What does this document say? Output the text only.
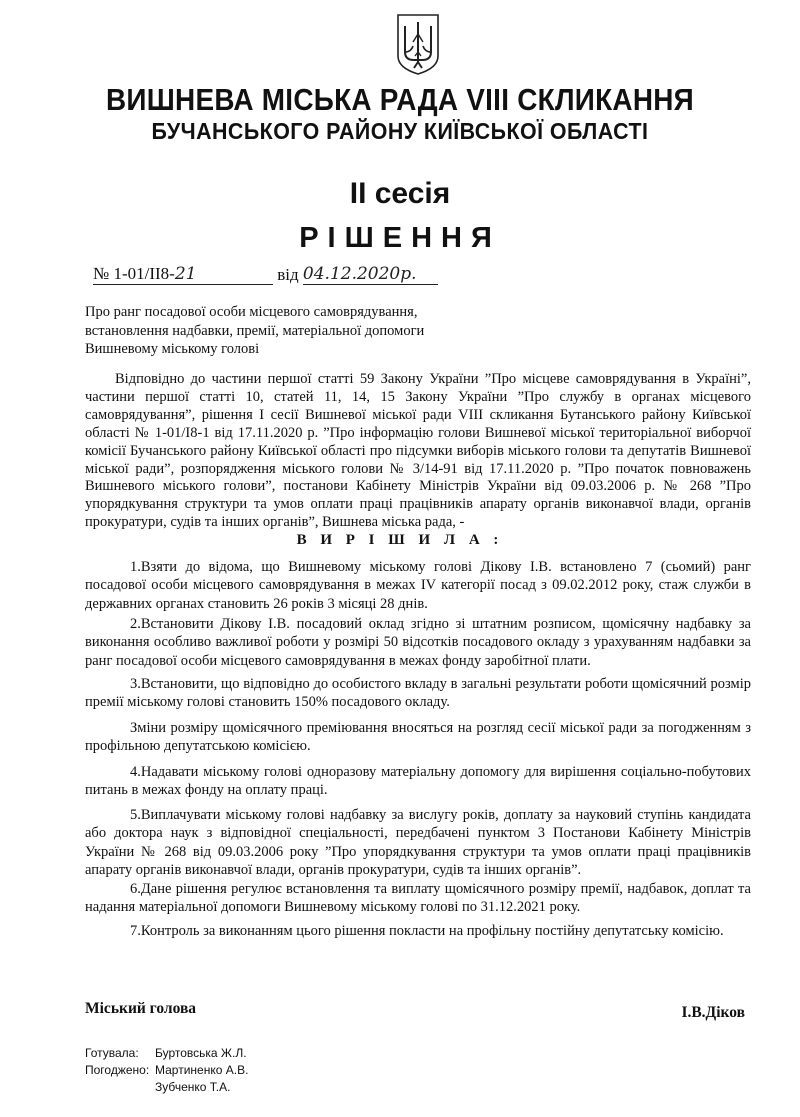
ВИШНЕВА МІСЬКА РАДА VIII СКЛИКАННЯ
БУЧАНСЬКОГО РАЙОНУ КИЇВСЬКОЇ ОБЛАСТІ
ІІ сесія
РІШЕННЯ
№ 1-01/ІІ8-21	від 04.12.2020р.
Про ранг посадової особи місцевого самоврядування, встановлення надбавки, премії, матеріальної допомоги Вишневому міському голові
Відповідно до частини першої статті 59 Закону України ”Про місцеве самоврядування в Україні”, частини першої статті 10, статей 11, 14, 15 Закону України ”Про службу в органах місцевого самоврядування”, рішення І сесії Вишневої міської ради VIII скликання Бутанського району Київської області № 1-01/І8-1 від 17.11.2020 р. ”Про інформацію голови Вишневої міської територіальної виборчої комісії Бучанського району Київської області про підсумки виборів міського голови та депутатів Вишневої міської ради”, розпорядження міського голови № 3/14-91 від 17.11.2020 р. ”Про початок повноважень Вишневого міського голови”, постанови Кабінету Міністрів України від 09.03.2006 р. № 268 ”Про упорядкування структури та умов оплати праці працівників апарату органів виконавчої влади, органів прокуратури, судів та інших органів”, Вишнева міська рада, -
В И Р І Ш И Л А :
1.Взяти до відома, що Вишневому міському голові Дікову І.В. встановлено 7 (сьомий) ранг посадової особи місцевого самоврядування в межах IV категорії посад з 09.02.2012 року, стаж служби в державних органах становить 26 років 3 місяці 28 днів.
2.Встановити Дікову І.В. посадовий оклад згідно зі штатним розписом, щомісячну надбавку за виконання особливо важливої роботи у розмірі 50 відсотків посадового окладу з урахуванням надбавки за ранг посадової особи місцевого самоврядування в межах фонду заробітної плати.
3.Встановити, що відповідно до особистого вкладу в загальні результати роботи щомісячний розмір премії міському голові становить 150% посадового окладу.
Зміни розміру щомісячного преміювання вносяться на розгляд сесії міської ради за погодженням з профільною депутатською комісією.
4.Надавати міському голові одноразову матеріальну допомогу для вирішення соціально-побутових питань в межах фонду на оплату праці.
5.Виплачувати міському голові надбавку за вислугу років, доплату за науковий ступінь кандидата або доктора наук з відповідної спеціальності, передбачені пунктом 3 Постанови Кабінету Міністрів України № 268 від 09.03.2006 року ”Про упорядкування структури та умов оплати праці працівників апарату органів виконавчої влади, органів прокуратури, судів та інших органів”.
6.Дане рішення регулює встановлення та виплату щомісячного розміру премії, надбавок, доплат та надання матеріальної допомоги Вишневому міському голові по 31.12.2021 року.
7.Контроль за виконанням цього рішення покласти на профільну постійну депутатську комісію.
Міський голова	І.В.Діков
Готувала:	Буртовська Ж.Л.
Погоджено: Мартиненко А.В.
Зубченко Т.А.
